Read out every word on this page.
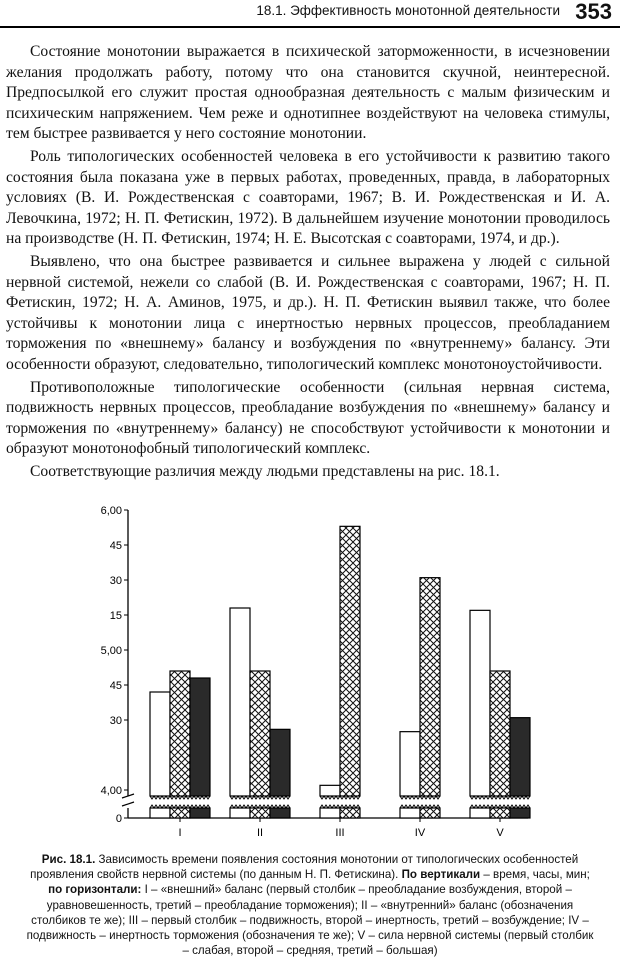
18.1. Эффективность монотонной деятельности 353

Состояние монотонии выражается в психической заторможенности, в исчезновении желания продолжать работу, потому что она становится скучной, неинтересной. Предпосылкой его служит простая однообразная деятельность с малым физическим и психическим напряжением. Чем реже и однотипнее воздействуют на человека стимулы, тем быстрее развивается у него состояние монотонии.

Роль типологических особенностей человека в его устойчивости к развитию такого состояния была показана уже в первых работах, проведенных, правда, в лабораторных условиях (В. И. Рождественская с соавторами, 1967; В. И. Рождественская и И. А. Левочкина, 1972; Н. П. Фетискин, 1972). В дальнейшем изучение монотонии проводилось на производстве (Н. П. Фетискин, 1974; Н. Е. Высотская с соавторами, 1974, и др.).

Выявлено, что она быстрее развивается и сильнее выражена у людей с сильной нервной системой, нежели со слабой (В. И. Рождественская с соавторами, 1967; Н. П. Фетискин, 1972; Н. А. Аминов, 1975, и др.). Н. П. Фетискин выявил также, что более устойчивы к монотонии лица с инертностью нервных процессов, преобладанием торможения по «внешнему» балансу и возбуждения по «внутреннему» балансу. Эти особенности образуют, следовательно, типологический комплекс монотоноустойчивости.

Противоположные типологические особенности (сильная нервная система, подвижность нервных процессов, преобладание возбуждения по «внешнему» балансу и торможения по «внутреннему» балансу) не способствуют устойчивости к монотонии и образуют монотонофобный типологический комплекс.

Соответствующие различия между людьми представлены на рис. 18.1.

0
4,00
30
45
5,00
15
30
45
6,00
I	II	III	IV	V
Рис. 18.1. Зависимость времени появления состояния монотонии от типологических особенностей проявления свойств нервной системы (по данным Н. П. Фетискина). По вертикали – время, часы, мин; по горизонтали: I – «внешний» баланс (первый столбик – преобладание возбуждения, второй – уравновешенность, третий – преобладание торможения); II – «внутренний» баланс (обозначения столбиков те же); III – первый столбик – подвижность, второй – инертность, третий – возбуждение; IV – подвижность – инертность торможения (обозначения те же); V – сила нервной системы (первый столбик – слабая, второй – средняя, третий – большая)
